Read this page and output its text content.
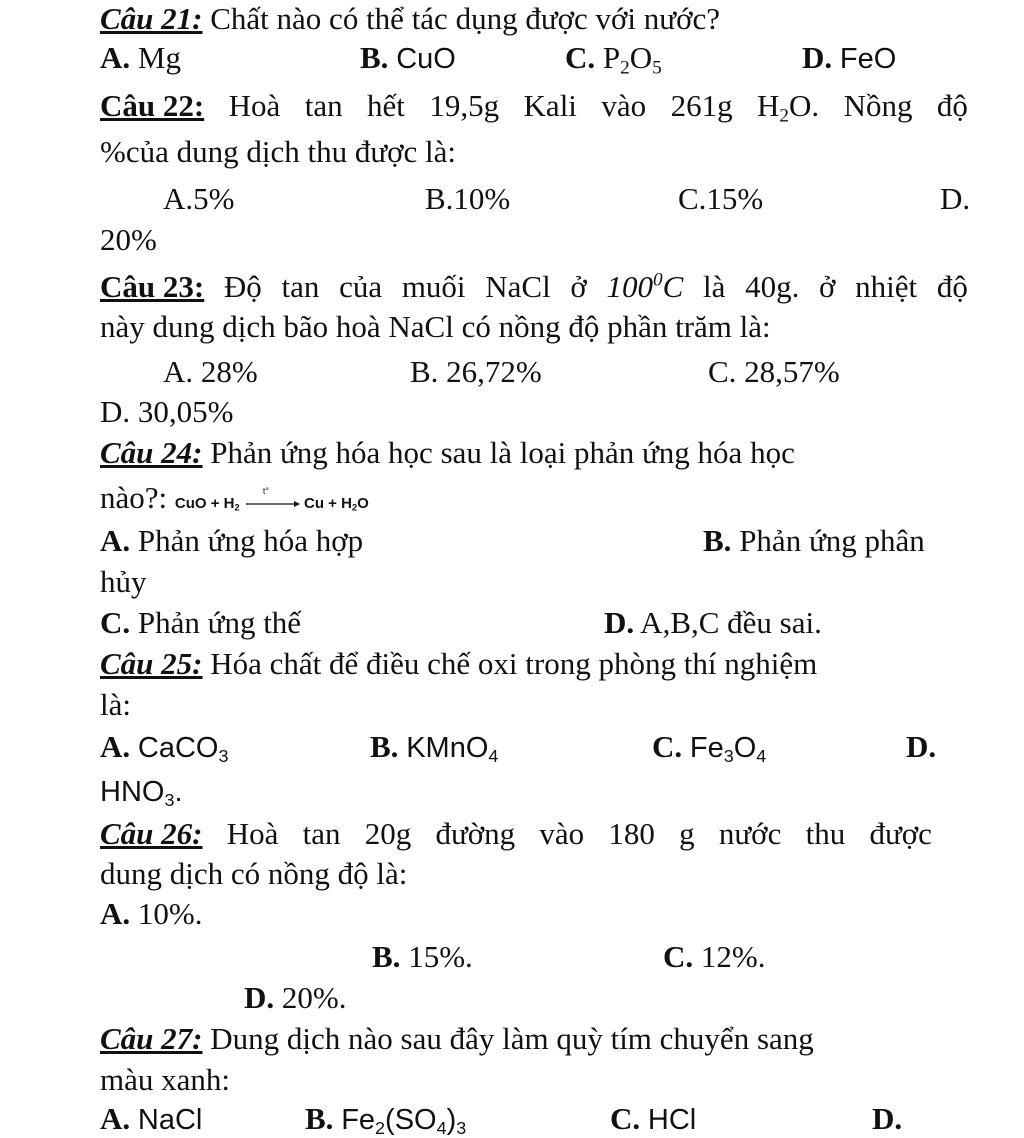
Câu 21: Chất nào có thể tác dụng được với nước?
A. Mg	B. CuO	C. $P_2O_5$	D. FeO
Câu 22: Hoà tan hết 19,5g Kali vào 261g $H_2O$. Nồng độ
%của dung dịch thu được là:
A.5%	B.10%	C.15%	D.
20%
Câu 23: Độ tan của muối NaCl ở $100^0C$ là 40g. ở nhiệt độ
này dung dịch bão hoà NaCl có nồng độ phần trăm là:
A. 28%	B. 26,72%	C. 28,57%
D. 30,05%
Câu 24: Phản ứng hóa học sau là loại phản ứng hóa học
nào?: CuO + $H_2$
t°
$Cu + H_2O$
A. Phản ứng hóa hợp	B. Phản ứng phân
hủy
C. Phản ứng thế	D. A,B,C đều sai.
Câu 25: Hóa chất để điều chế oxi trong phòng thí nghiệm
là:
A. CaCO$_3$	B. KMnO$_4$	C. $Fe_3O_4$	D.
$HNO_3$.
Câu 26: Hoà tan 20g đường vào 180 g nước thu được
dung dịch có nồng độ là:
A. 10%.
B. 15%.	C. 12%.
D. 20%.
Câu 27: Dung dịch nào sau đây làm quỳ tím chuyển sang
màu xanh:
A. NaCl	B. $Fe_2(SO_4)_3$	C. HCl	D.
